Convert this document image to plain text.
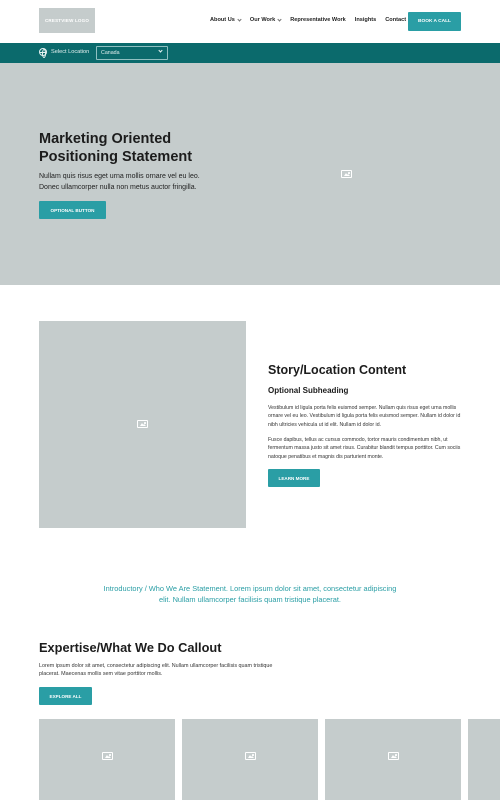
CRESTVIEW LOGO	About Us	Our Work	Representative Work Insights Contact	BOOK A CALL
Select Location	Canada
Marketing Oriented Positioning Statement

Nullam quis risus eget urna mollis ornare vel eu leo. Donec ullamcorper nulla non metus auctor fringilla.

OPTIONAL BUTTON
Story/Location Content
Optional Subheading

Vestibulum id ligula porta felis euismod semper. Nullam quis risus eget urna mollis ornare vel eu leo. Vestibulum id ligula porta felis euismod semper. Nullam id dolor id nibh ultricies vehicula ut id elit. Nullam id dolor id.

Fusce dapibus, tellus ac cursus commodo, tortor mauris condimentum nibh, ut fermentum massa justo sit amet risus. Curabitur blandit tempus porttitor. Cum sociis natoque penatibus et magnis dis parturient monte.

LEARN MORE

Introductory / Who We Are Statement. Lorem ipsum dolor sit amet, consectetur adipiscing elit. Nullam ullamcorper facilisis quam tristique placerat.

Expertise/What We Do Callout

Lorem ipsum dolor sit amet, consectetur adipiscing elit. Nullam ullamcorper facilisis quam tristique placerat. Maecenas mollis sem vitae porttitor mollis.

EXPLORE ALL
